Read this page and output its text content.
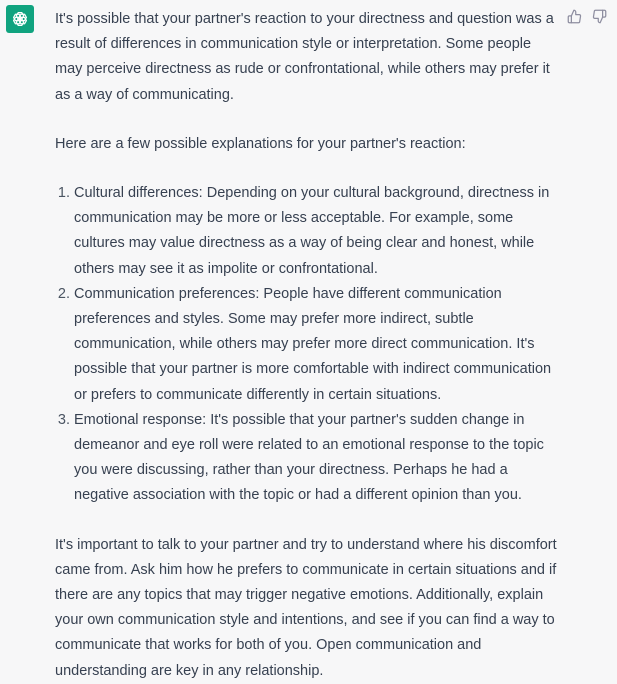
It's possible that your partner's reaction to your directness and question was a result of differences in communication style or interpretation. Some people may perceive directness as rude or confrontational, while others may prefer it as a way of communicating.

Here are a few possible explanations for your partner's reaction:

1. Cultural differences: Depending on your cultural background, directness in communication may be more or less acceptable. For example, some cultures may value directness as a way of being clear and honest, while others may see it as impolite or confrontational.
2. Communication preferences: People have different communication preferences and styles. Some may prefer more indirect, subtle communication, while others may prefer more direct communication. It's possible that your partner is more comfortable with indirect communication or prefers to communicate differently in certain situations.
3. Emotional response: It's possible that your partner's sudden change in demeanor and eye roll were related to an emotional response to the topic you were discussing, rather than your directness. Perhaps he had a negative association with the topic or had a different opinion than you.

It's important to talk to your partner and try to understand where his discomfort came from. Ask him how he prefers to communicate in certain situations and if there are any topics that may trigger negative emotions. Additionally, explain your own communication style and intentions, and see if you can find a way to communicate that works for both of you. Open communication and understanding are key in any relationship.
